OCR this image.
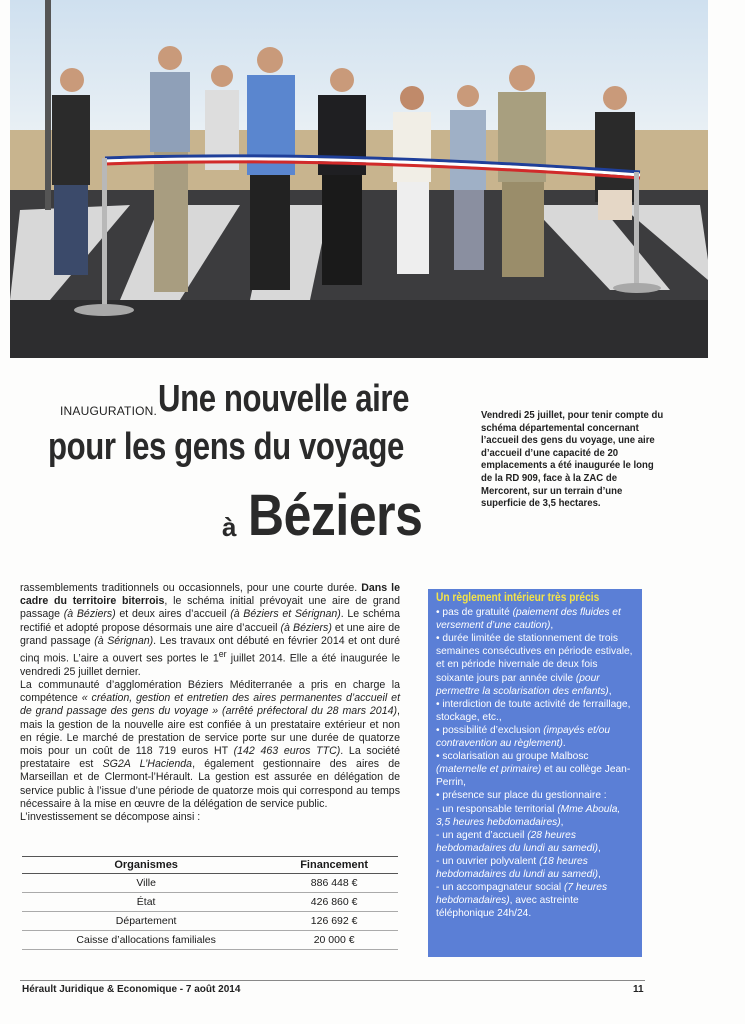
INAUGURATION. Une nouvelle aire
pour les gens du voyage
à Béziers
Vendredi 25 juillet, pour tenir compte du schéma départemental concernant l’accueil des gens du voyage, une aire d’accueil d’une capacité de 20 emplacements a été inaugurée le long de la RD 909, face à la ZAC de Mercorent, sur un terrain d’une superficie de 3,5 hectares.

rassemblements traditionnels ou occasionnels, pour une courte durée. Dans le cadre du territoire biterrois, le schéma initial prévoyait une aire de grand passage (à Béziers) et deux aires d’accueil (à Béziers et Sérignan). Le schéma rectifié et adopté propose désormais une aire d’accueil (à Béziers) et une aire de grand passage (à Sérignan). Les travaux ont débuté en février 2014 et ont duré cinq mois. L’aire a ouvert ses portes le 1er juillet 2014. Elle a été inaugurée le vendredi 25 juillet dernier.

La communauté d’agglomération Béziers Méditerranée a pris en charge la compétence « création, gestion et entretien des aires permanentes d’accueil et de grand passage des gens du voyage » (arrêté préfectoral du 28 mars 2014), mais la gestion de la nouvelle aire est confiée à un prestataire extérieur et non en régie. Le marché de prestation de service porte sur une durée de quatorze mois pour un coût de 118 719 euros HT (142 463 euros TTC). La société prestataire est SG2A L’Hacienda, également gestionnaire des aires de Marseillan et de Clermont-l’Hérault. La gestion est assurée en délégation de service public à l’issue d’une période de quatorze mois qui correspond au temps nécessaire à la mise en œuvre de la délégation de service public.

L’investissement se décompose ainsi :

Organismes	Financement
Ville	886 448 €
État	426 860 €
Département	126 692 €
Caisse d’allocations familiales	20 000 €
Un règlement intérieur très précis
• pas de gratuité (paiement des fluides et versement d’une caution),
• durée limitée de stationnement de trois semaines consécutives en période estivale, et en période hivernale de deux fois soixante jours par année civile (pour permettre la scolarisation des enfants),
• interdiction de toute activité de ferraillage, stockage, etc.,
• possibilité d’exclusion (impayés et/ou contravention au règlement).
• scolarisation au groupe Malbosc (maternelle et primaire) et au collège Jean-Perrin,
• présence sur place du gestionnaire :
- un responsable territorial (Mme Aboula, 3,5 heures hebdomadaires),
- un agent d’accueil (28 heures hebdomadaires du lundi au samedi),
- un ouvrier polyvalent (18 heures hebdomadaires du lundi au samedi),
- un accompagnateur social (7 heures hebdomadaires), avec astreinte téléphonique 24h/24.
Hérault Juridique & Economique - 7 août 2014	11
